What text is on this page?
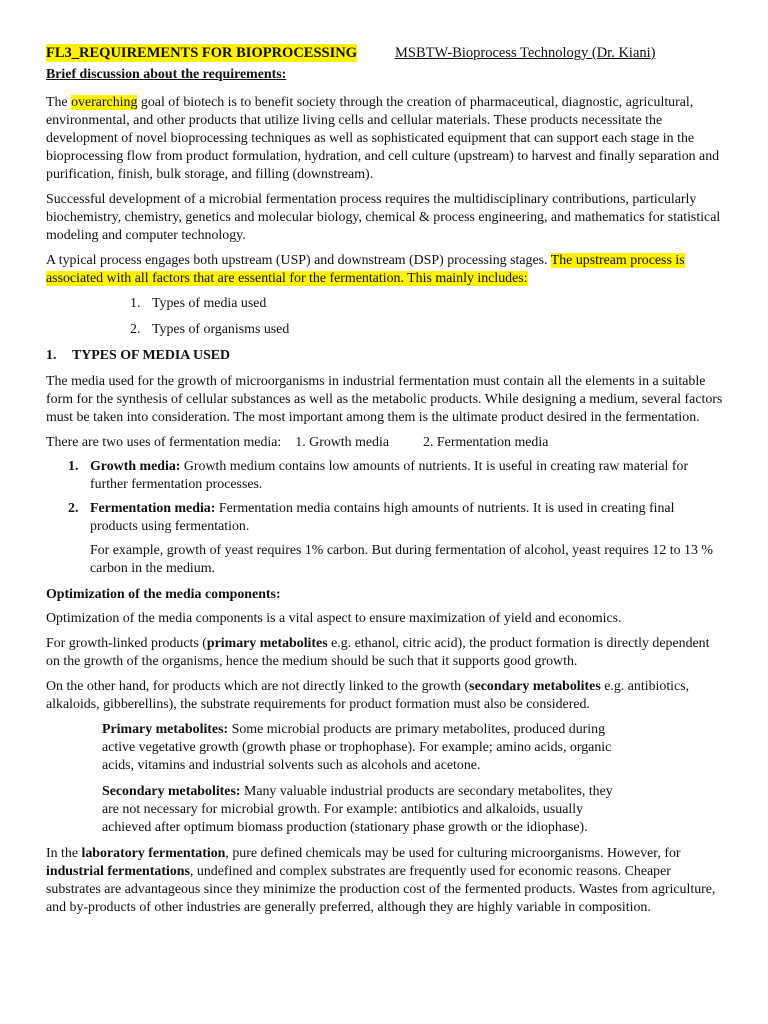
FL3_REQUIREMENTS FOR BIOPROCESSING	MSBTW-Bioprocess Technology (Dr. Kiani)
Brief discussion about the requirements:

The overarching goal of biotech is to benefit society through the creation of pharmaceutical, diagnostic, agricultural, environmental, and other products that utilize living cells and cellular materials. These products necessitate the development of novel bioprocessing techniques as well as sophisticated equipment that can support each stage in the bioprocessing flow from product formulation, hydration, and cell culture (upstream) to harvest and finally separation and purification, finish, bulk storage, and filling (downstream).

Successful development of a microbial fermentation process requires the multidisciplinary contributions, particularly biochemistry, chemistry, genetics and molecular biology, chemical & process engineering, and mathematics for statistical modeling and computer technology.

A typical process engages both upstream (USP) and downstream (DSP) processing stages. The upstream process is associated with all factors that are essential for the fermentation. This mainly includes:

1. Types of media used
2. Types of organisms used
1. TYPES OF MEDIA USED

The media used for the growth of microorganisms in industrial fermentation must contain all the elements in a suitable form for the synthesis of cellular substances as well as the metabolic products. While designing a medium, several factors must be taken into consideration. The most important among them is the ultimate product desired in the fermentation.

There are two uses of fermentation media: 1. Growth media 2. Fermentation media
1. Growth media: Growth medium contains low amounts of nutrients. It is useful in creating raw material for further fermentation processes.
2. Fermentation media: Fermentation media contains high amounts of nutrients. It is used in creating final products using fermentation.
For example, growth of yeast requires 1% carbon. But during fermentation of alcohol, yeast requires 12 to 13 % carbon in the medium.
Optimization of the media components:

Optimization of the media components is a vital aspect to ensure maximization of yield and economics.

For growth-linked products (primary metabolites e.g. ethanol, citric acid), the product formation is directly dependent on the growth of the organisms, hence the medium should be such that it supports good growth.

On the other hand, for products which are not directly linked to the growth (secondary metabolites e.g. antibiotics, alkaloids, gibberellins), the substrate requirements for product formation must also be considered.

Primary metabolites: Some microbial products are primary metabolites, produced during active vegetative growth (growth phase or trophophase). For example; amino acids, organic acids, vitamins and industrial solvents such as alcohols and acetone.
Secondary metabolites: Many valuable industrial products are secondary metabolites, they are not necessary for microbial growth. For example: antibiotics and alkaloids, usually achieved after optimum biomass production (stationary phase growth or the idiophase).

In the laboratory fermentation, pure defined chemicals may be used for culturing microorganisms. However, for industrial fermentations, undefined and complex substrates are frequently used for economic reasons. Cheaper substrates are advantageous since they minimize the production cost of the fermented products. Wastes from agriculture, and by-products of other industries are generally preferred, although they are highly variable in composition.
